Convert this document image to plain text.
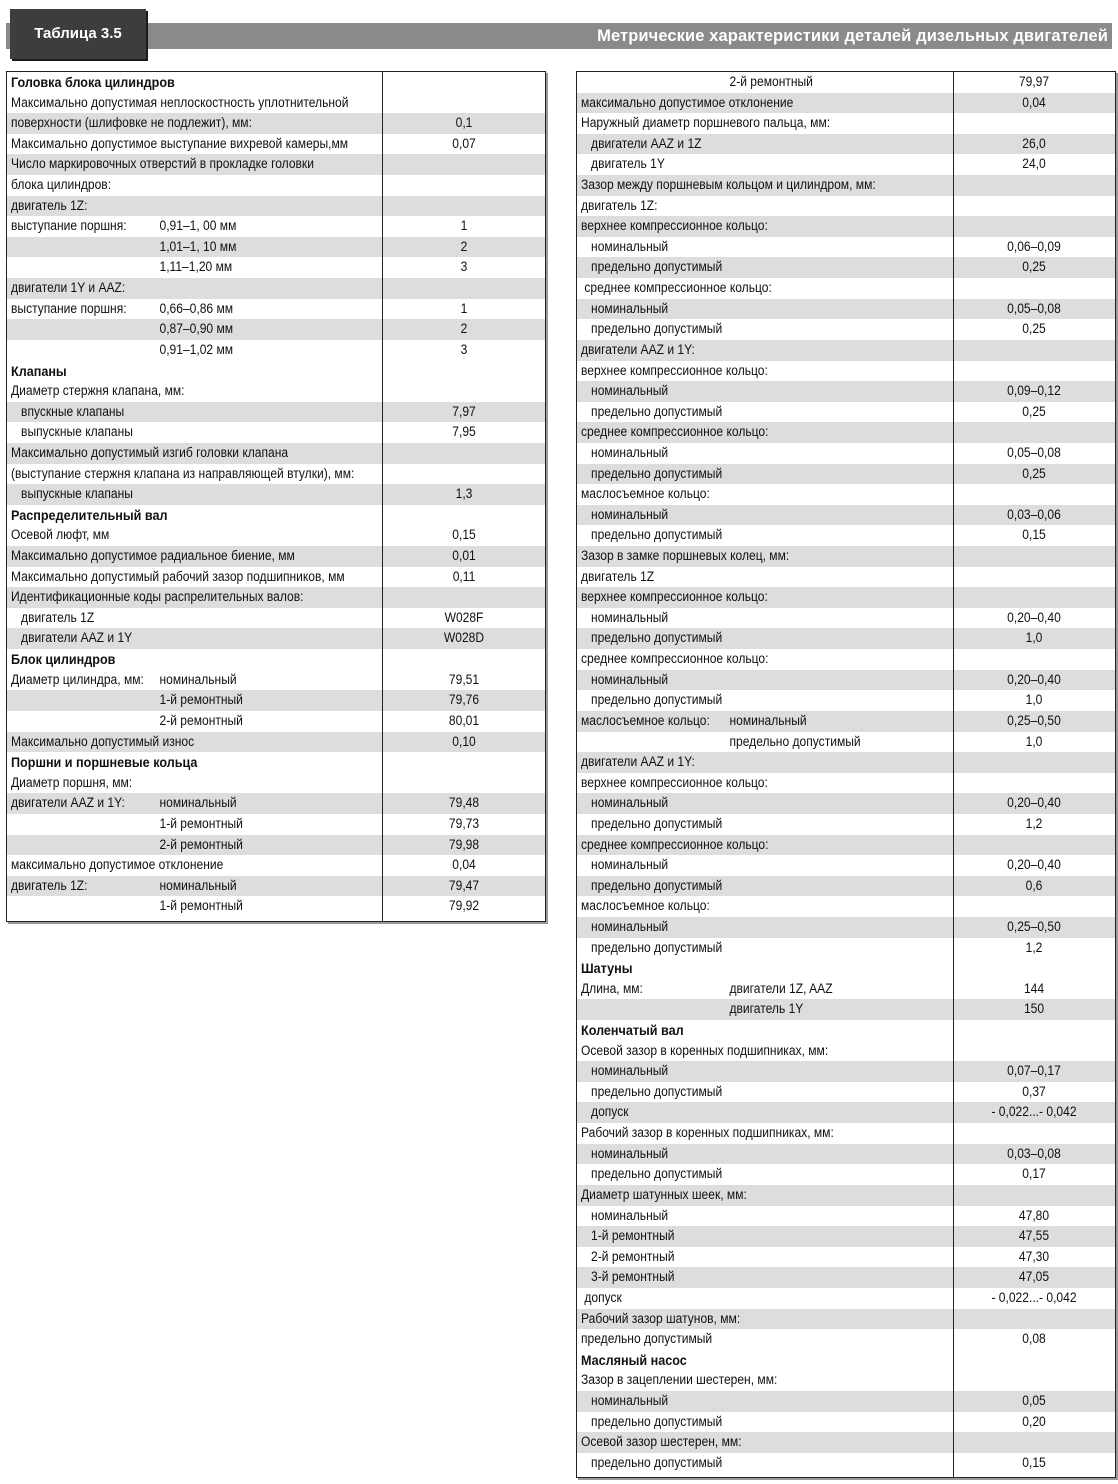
Таблица 3.5	Метрические характеристики деталей дизельных двигателей
Головка блока цилиндров
Максимально допустимая неплоскостность уплотнительной
поверхности (шлифовке не подлежит), мм:	0,1
Максимально допустимое выступание вихревой камеры,мм	0,07
Число маркировочных отверстий в прокладке головки
блока цилиндров:
двигатель 1Z:
выступание поршня: 0,91–1, 00 мм	1
1,01–1, 10 мм	2
1,11–1,20 мм	3
двигатели 1Y и AAZ:
выступание поршня: 0,66–0,86 мм	1
0,87–0,90 мм	2
0,91–1,02 мм	3
Клапаны
Диаметр стержня клапана, мм:
впускные клапаны	7,97
выпускные клапаны	7,95
Максимально допустимый изгиб головки клапана
(выступание стержня клапана из направляющей втулки), мм:
выпускные клапаны	1,3
Распределительный вал
Осевой люфт, мм	0,15
Максимально допустимое радиальное биение, мм	0,01
Максимально допустимый рабочий зазор подшипников, мм	0,11
Идентификационные коды распрелительных валов:
двигатель 1Z	W028F
двигатели AAZ и 1Y	W028D
Блок цилиндров
Диаметр цилиндра, мм: номинальный	79,51
1-й ремонтный	79,76
2-й ремонтный	80,01
Максимально допустимый износ	0,10
Поршни и поршневые кольца
Диаметр поршня, мм:
двигатели AAZ и 1Y:	номинальный	79,48
1-й ремонтный	79,73
2-й ремонтный	79,98
максимально допустимое отклонение	0,04
двигатель 1Z:	номинальный	79,47
1-й ремонтный	79,92
2-й ремонтный	79,97
максимально допустимое отклонение	0,04
Наружный диаметр поршневого пальца, мм:
двигатели AAZ и 1Z	26,0
двигатель 1Y	24,0
Зазор между поршневым кольцом и цилиндром, мм:
двигатель 1Z:
верхнее компрессионное кольцо:
номинальный	0,06–0,09
предельно допустимый	0,25
среднее компрессионное кольцо:
номинальный	0,05–0,08
предельно допустимый	0,25
двигатели AAZ и 1Y:
верхнее компрессионное кольцо:
номинальный	0,09–0,12
предельно допустимый	0,25
среднее компрессионное кольцо:
номинальный	0,05–0,08
предельно допустимый	0,25
маслосъемное кольцо:
номинальный	0,03–0,06
предельно допустимый	0,15
Зазор в замке поршневых колец, мм:
двигатель 1Z
верхнее компрессионное кольцо:
номинальный	0,20–0,40
предельно допустимый	1,0
среднее компрессионное кольцо:
номинальный	0,20–0,40
предельно допустимый	1,0
маслосъемное кольцо: номинальный	0,25–0,50
предельно допустимый	1,0
двигатели AAZ и 1Y:
верхнее компрессионное кольцо:
номинальный	0,20–0,40
предельно допустимый	1,2
среднее компрессионное кольцо:
номинальный	0,20–0,40
предельно допустимый	0,6
маслосъемное кольцо:
номинальный	0,25–0,50
предельно допустимый	1,2
Шатуны
Длина, мм:	двигатели 1Z, AAZ	144
двигатель 1Y	150
Коленчатый вал
Осевой зазор в коренных подшипниках, мм:
номинальный	0,07–0,17
предельно допустимый	0,37
допуск	- 0,022...- 0,042
Рабочий зазор в коренных подшипниках, мм:
номинальный	0,03–0,08
предельно допустимый	0,17
Диаметр шатунных шеек, мм:
номинальный	47,80
1-й ремонтный	47,55
2-й ремонтный	47,30
3-й ремонтный	47,05
допуск	- 0,022...- 0,042
Рабочий зазор шатунов, мм:
предельно допустимый	0,08
Масляный насос
Зазор в зацеплении шестерен, мм:
номинальный	0,05
предельно допустимый	0,20
Осевой зазор шестерен, мм:
предельно допустимый	0,15
